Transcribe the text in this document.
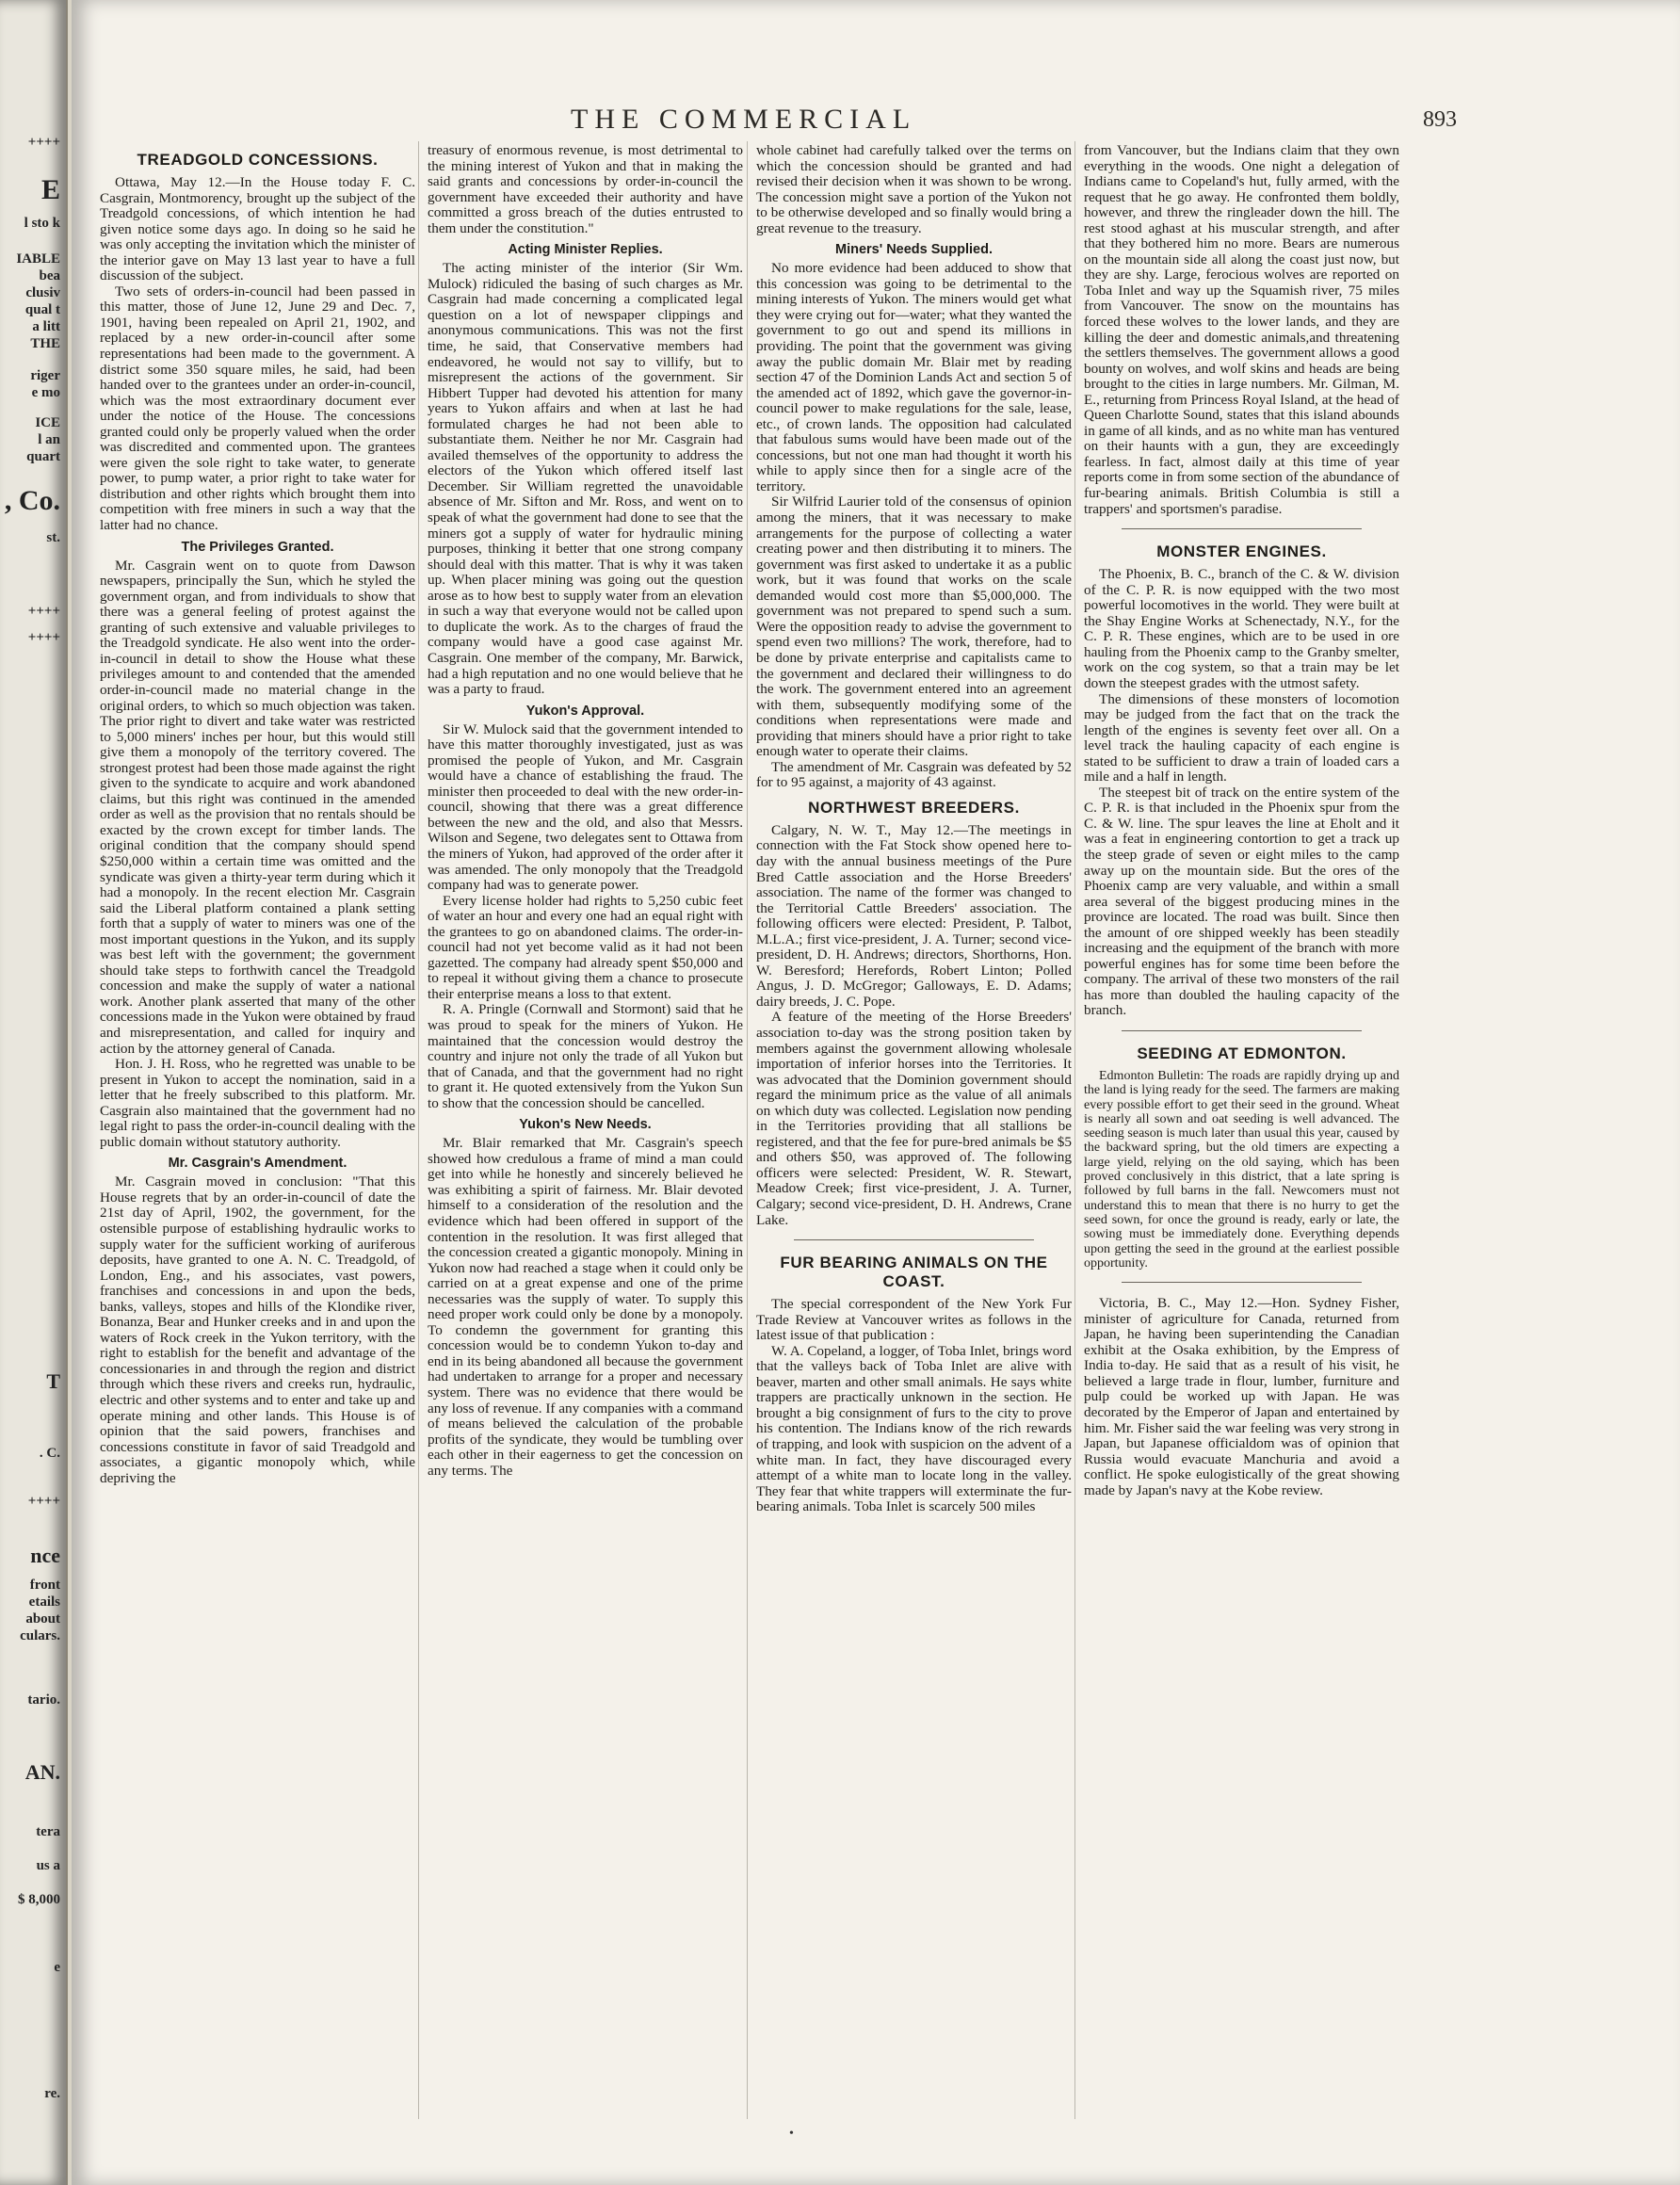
++++
E
l sto k
IABLE
bea
clusiv
qual t
a litt
THE
riger
e mo
ICE
l an
quart
, Co.
st.
++++
++++
T
. C.
++++
nce
front
etails
about
culars.
tario.
AN.
tera
us a
$ 8,000
e
re.
THE COMMERCIAL	893
TREADGOLD CONCESSIONS.

Ottawa, May 12.—In the House today F. C. Casgrain, Montmorency, brought up the subject of the Treadgold concessions, of which intention he had given notice some days ago. In doing so he said he was only accepting the invitation which the minister of the interior gave on May 13 last year to have a full discussion of the subject.

Two sets of orders-in-council had been passed in this matter, those of June 12, June 29 and Dec. 7, 1901, having been repealed on April 21, 1902, and replaced by a new order-in-council after some representations had been made to the government. A district some 350 square miles, he said, had been handed over to the grantees under an order-in-council, which was the most extraordinary document ever under the notice of the House. The concessions granted could only be properly valued when the order was discredited and commented upon. The grantees were given the sole right to take water, to generate power, to pump water, a prior right to take water for distribution and other rights which brought them into competition with free miners in such a way that the latter had no chance.

The Privileges Granted.

Mr. Casgrain went on to quote from Dawson newspapers, principally the Sun, which he styled the government organ, and from individuals to show that there was a general feeling of protest against the granting of such extensive and valuable privileges to the Treadgold syndicate. He also went into the order-in-council in detail to show the House what these privileges amount to and contended that the amended order-in-council made no material change in the original orders, to which so much objection was taken. The prior right to divert and take water was restricted to 5,000 miners' inches per hour, but this would still give them a monopoly of the territory covered. The strongest protest had been those made against the right given to the syndicate to acquire and work abandoned claims, but this right was continued in the amended order as well as the provision that no rentals should be exacted by the crown except for timber lands. The original condition that the company should spend $250,000 within a certain time was omitted and the syndicate was given a thirty-year term during which it had a monopoly. In the recent election Mr. Casgrain said the Liberal platform contained a plank setting forth that a supply of water to miners was one of the most important questions in the Yukon, and its supply was best left with the government; the government should take steps to forthwith cancel the Treadgold concession and make the supply of water a national work. Another plank asserted that many of the other concessions made in the Yukon were obtained by fraud and misrepresentation, and called for inquiry and action by the attorney general of Canada.

Hon. J. H. Ross, who he regretted was unable to be present in Yukon to accept the nomination, said in a letter that he freely subscribed to this platform. Mr. Casgrain also maintained that the government had no legal right to pass the order-in-council dealing with the public domain without statutory authority.

Mr. Casgrain's Amendment.

Mr. Casgrain moved in conclusion: "That this House regrets that by an order-in-council of date the 21st day of April, 1902, the government, for the ostensible purpose of establishing hydraulic works to supply water for the sufficient working of auriferous deposits, have granted to one A. N. C. Treadgold, of London, Eng., and his associates, vast powers, franchises and concessions in and upon the beds, banks, valleys, stopes and hills of the Klondike river, Bonanza, Bear and Hunker creeks and in and upon the waters of Rock creek in the Yukon territory, with the right to establish for the benefit and advantage of the concessionaries in and through the region and district through which these rivers and creeks run, hydraulic, electric and other systems and to enter and take up and operate mining and other lands. This House is of opinion that the said powers, franchises and concessions constitute in favor of said Treadgold and associates, a gigantic monopoly which, while depriving the

treasury of enormous revenue, is most detrimental to the mining interest of Yukon and that in making the said grants and concessions by order-in-council the government have exceeded their authority and have committed a gross breach of the duties entrusted to them under the constitution."

Acting Minister Replies.

The acting minister of the interior (Sir Wm. Mulock) ridiculed the basing of such charges as Mr. Casgrain had made concerning a complicated legal question on a lot of newspaper clippings and anonymous communications. This was not the first time, he said, that Conservative members had endeavored, he would not say to villify, but to misrepresent the actions of the government. Sir Hibbert Tupper had devoted his attention for many years to Yukon affairs and when at last he had formulated charges he had not been able to substantiate them. Neither he nor Mr. Casgrain had availed themselves of the opportunity to address the electors of the Yukon which offered itself last December. Sir William regretted the unavoidable absence of Mr. Sifton and Mr. Ross, and went on to speak of what the government had done to see that the miners got a supply of water for hydraulic mining purposes, thinking it better that one strong company should deal with this matter. That is why it was taken up. When placer mining was going out the question arose as to how best to supply water from an elevation in such a way that everyone would not be called upon to duplicate the work. As to the charges of fraud the company would have a good case against Mr. Casgrain. One member of the company, Mr. Barwick, had a high reputation and no one would believe that he was a party to fraud.

Yukon's Approval.

Sir W. Mulock said that the government intended to have this matter thoroughly investigated, just as was promised the people of Yukon, and Mr. Casgrain would have a chance of establishing the fraud. The minister then proceeded to deal with the new order-in-council, showing that there was a great difference between the new and the old, and also that Messrs. Wilson and Segene, two delegates sent to Ottawa from the miners of Yukon, had approved of the order after it was amended. The only monopoly that the Treadgold company had was to generate power.

Every license holder had rights to 5,250 cubic feet of water an hour and every one had an equal right with the grantees to go on abandoned claims. The order-in-council had not yet become valid as it had not been gazetted. The company had already spent $50,000 and to repeal it without giving them a chance to prosecute their enterprise means a loss to that extent.

R. A. Pringle (Cornwall and Stormont) said that he was proud to speak for the miners of Yukon. He maintained that the concession would destroy the country and injure not only the trade of all Yukon but that of Canada, and that the government had no right to grant it. He quoted extensively from the Yukon Sun to show that the concession should be cancelled.

Yukon's New Needs.

Mr. Blair remarked that Mr. Casgrain's speech showed how credulous a frame of mind a man could get into while he honestly and sincerely believed he was exhibiting a spirit of fairness. Mr. Blair devoted himself to a consideration of the resolution and the evidence which had been offered in support of the contention in the resolution. It was first alleged that the concession created a gigantic monopoly. Mining in Yukon now had reached a stage when it could only be carried on at a great expense and one of the prime necessaries was the supply of water. To supply this need proper work could only be done by a monopoly. To condemn the government for granting this concession would be to condemn Yukon to-day and end in its being abandoned all because the government had undertaken to arrange for a proper and necessary system. There was no evidence that there would be any loss of revenue. If any companies with a command of means believed the calculation of the probable profits of the syndicate, they would be tumbling over each other in their eagerness to get the concession on any terms. The

whole cabinet had carefully talked over the terms on which the concession should be granted and had revised their decision when it was shown to be wrong. The concession might save a portion of the Yukon not to be otherwise developed and so finally would bring a great revenue to the treasury.

Miners' Needs Supplied.

No more evidence had been adduced to show that this concession was going to be detrimental to the mining interests of Yukon. The miners would get what they were crying out for—water; what they wanted the government to go out and spend its millions in providing. The point that the government was giving away the public domain Mr. Blair met by reading section 47 of the Dominion Lands Act and section 5 of the amended act of 1892, which gave the governor-in-council power to make regulations for the sale, lease, etc., of crown lands. The opposition had calculated that fabulous sums would have been made out of the concessions, but not one man had thought it worth his while to apply since then for a single acre of the territory.

Sir Wilfrid Laurier told of the consensus of opinion among the miners, that it was necessary to make arrangements for the purpose of collecting a water creating power and then distributing it to miners. The government was first asked to undertake it as a public work, but it was found that works on the scale demanded would cost more than $5,000,000. The government was not prepared to spend such a sum. Were the opposition ready to advise the government to spend even two millions? The work, therefore, had to be done by private enterprise and capitalists came to the government and declared their willingness to do the work. The government entered into an agreement with them, subsequently modifying some of the conditions when representations were made and providing that miners should have a prior right to take enough water to operate their claims.

The amendment of Mr. Casgrain was defeated by 52 for to 95 against, a majority of 43 against.

NORTHWEST BREEDERS.

Calgary, N. W. T., May 12.—The meetings in connection with the Fat Stock show opened here to-day with the annual business meetings of the Pure Bred Cattle association and the Horse Breeders' association. The name of the former was changed to the Territorial Cattle Breeders' association. The following officers were elected: President, P. Talbot, M.L.A.; first vice-president, J. A. Turner; second vice-president, D. H. Andrews; directors, Shorthorns, Hon. W. Beresford; Herefords, Robert Linton; Polled Angus, J. D. McGregor; Galloways, E. D. Adams; dairy breeds, J. C. Pope.

A feature of the meeting of the Horse Breeders' association to-day was the strong position taken by members against the government allowing wholesale importation of inferior horses into the Territories. It was advocated that the Dominion government should regard the minimum price as the value of all animals on which duty was collected. Legislation now pending in the Territories providing that all stallions be registered, and that the fee for pure-bred animals be $5 and others $50, was approved of. The following officers were selected: President, W. R. Stewart, Meadow Creek; first vice-president, J. A. Turner, Calgary; second vice-president, D. H. Andrews, Crane Lake.

FUR BEARING ANIMALS ON THE COAST.

The special correspondent of the New York Fur Trade Review at Vancouver writes as follows in the latest issue of that publication :

W. A. Copeland, a logger, of Toba Inlet, brings word that the valleys back of Toba Inlet are alive with beaver, marten and other small animals. He says white trappers are practically unknown in the section. He brought a big consignment of furs to the city to prove his contention. The Indians know of the rich rewards of trapping, and look with suspicion on the advent of a white man. In fact, they have discouraged every attempt of a white man to locate long in the valley. They fear that white trappers will exterminate the fur-bearing animals. Toba Inlet is scarcely 500 miles

from Vancouver, but the Indians claim that they own everything in the woods. One night a delegation of Indians came to Copeland's hut, fully armed, with the request that he go away. He confronted them boldly, however, and threw the ringleader down the hill. The rest stood aghast at his muscular strength, and after that they bothered him no more. Bears are numerous on the mountain side all along the coast just now, but they are shy. Large, ferocious wolves are reported on Toba Inlet and way up the Squamish river, 75 miles from Vancouver. The snow on the mountains has forced these wolves to the lower lands, and they are killing the deer and domestic animals,and threatening the settlers themselves. The government allows a good bounty on wolves, and wolf skins and heads are being brought to the cities in large numbers. Mr. Gilman, M. E., returning from Princess Royal Island, at the head of Queen Charlotte Sound, states that this island abounds in game of all kinds, and as no white man has ventured on their haunts with a gun, they are exceedingly fearless. In fact, almost daily at this time of year reports come in from some section of the abundance of fur-bearing animals. British Columbia is still a trappers' and sportsmen's paradise.

MONSTER ENGINES.

The Phoenix, B. C., branch of the C. & W. division of the C. P. R. is now equipped with the two most powerful locomotives in the world. They were built at the Shay Engine Works at Schenectady, N.Y., for the C. P. R. These engines, which are to be used in ore hauling from the Phoenix camp to the Granby smelter, work on the cog system, so that a train may be let down the steepest grades with the utmost safety.

The dimensions of these monsters of locomotion may be judged from the fact that on the track the length of the engines is seventy feet over all. On a level track the hauling capacity of each engine is stated to be sufficient to draw a train of loaded cars a mile and a half in length.

The steepest bit of track on the entire system of the C. P. R. is that included in the Phoenix spur from the C. & W. line. The spur leaves the line at Eholt and it was a feat in engineering contortion to get a track up the steep grade of seven or eight miles to the camp away up on the mountain side. But the ores of the Phoenix camp are very valuable, and within a small area several of the biggest producing mines in the province are located. The road was built. Since then the amount of ore shipped weekly has been steadily increasing and the equipment of the branch with more powerful engines has for some time been before the company. The arrival of these two monsters of the rail has more than doubled the hauling capacity of the branch.

SEEDING AT EDMONTON.

Edmonton Bulletin: The roads are rapidly drying up and the land is lying ready for the seed. The farmers are making every possible effort to get their seed in the ground. Wheat is nearly all sown and oat seeding is well advanced. The seeding season is much later than usual this year, caused by the backward spring, but the old timers are expecting a large yield, relying on the old saying, which has been proved conclusively in this district, that a late spring is followed by full barns in the fall. Newcomers must not understand this to mean that there is no hurry to get the seed sown, for once the ground is ready, early or late, the sowing must be immediately done. Everything depends upon getting the seed in the ground at the earliest possible opportunity.

Victoria, B. C., May 12.—Hon. Sydney Fisher, minister of agriculture for Canada, returned from Japan, he having been superintending the Canadian exhibit at the Osaka exhibition, by the Empress of India to-day. He said that as a result of his visit, he believed a large trade in flour, lumber, furniture and pulp could be worked up with Japan. He was decorated by the Emperor of Japan and entertained by him. Mr. Fisher said the war feeling was very strong in Japan, but Japanese officialdom was of opinion that Russia would evacuate Manchuria and avoid a conflict. He spoke eulogistically of the great showing made by Japan's navy at the Kobe review.

•
